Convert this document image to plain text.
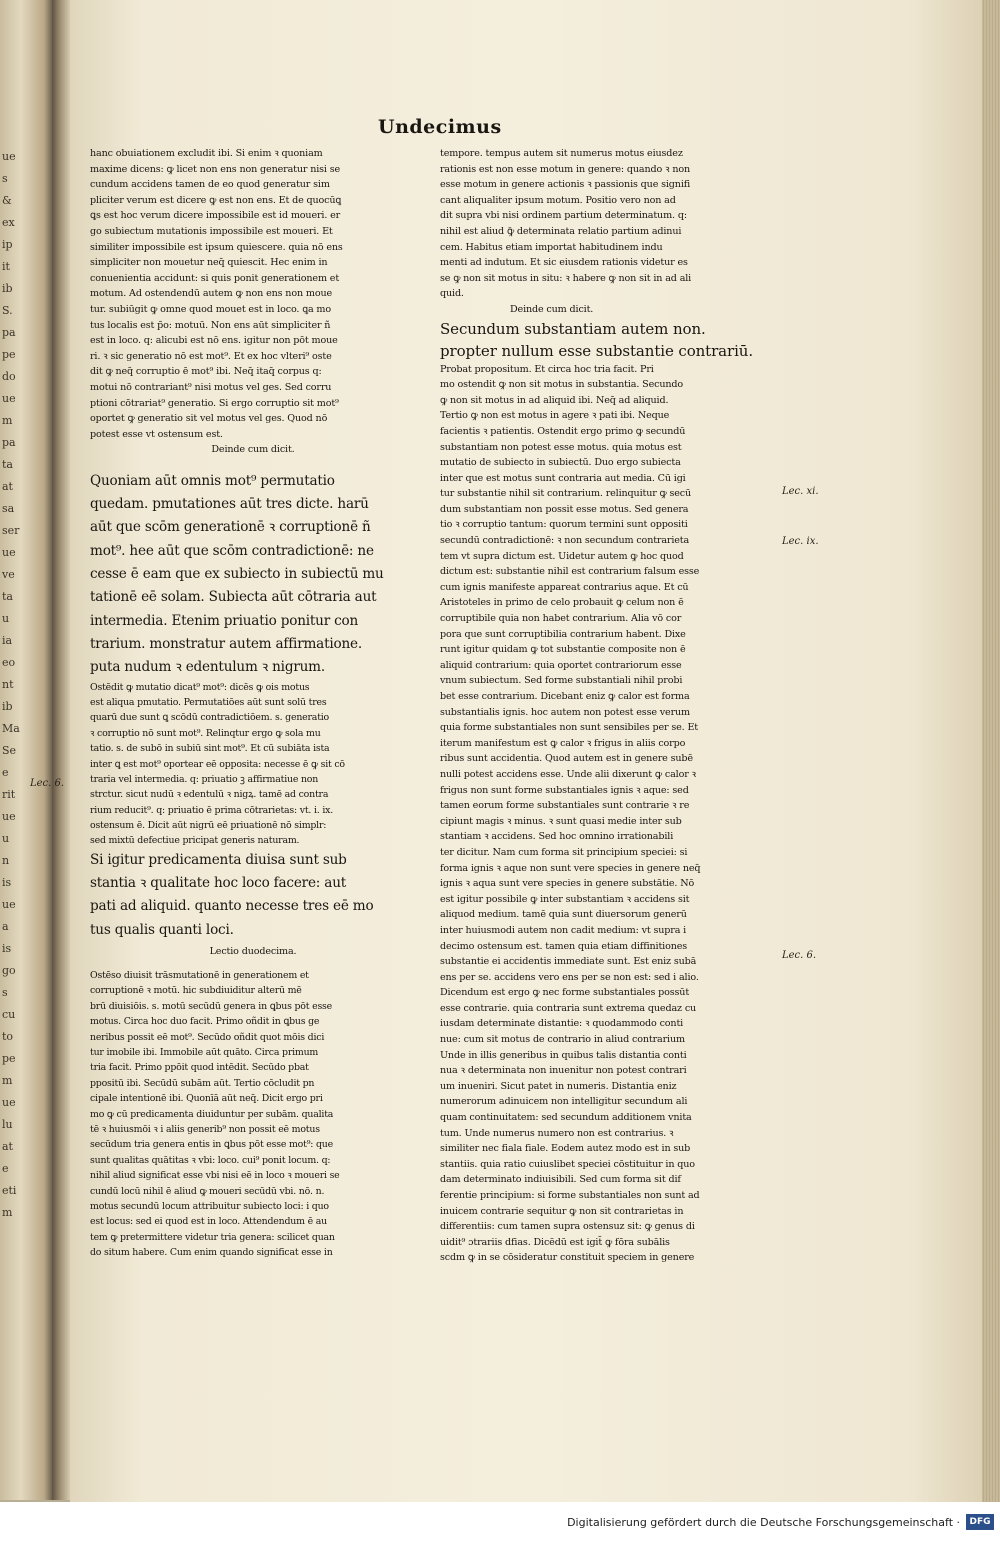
ue
s
&
ex
ip
it
ib
S.
pa
pe
do
ue
m
pa
ta
at
sa
ser
ue
ve
ta
u
ia
eo
nt
ib
Ma
Se
e
rit
ue
u
n
is
ue
a
is
go
s
cu
to
pe
m
ue
lu
at
e
eti
m
Undecimus
hanc obuiationem excludit ibi. Si enim ꝛ quoniam
maxime dicens: ꝙ licet non ens non generatur nisi se
cundum accidens tamen de eo quod generatur sim
pliciter verum est dicere ꝙ est non ens. Et de quocūꝗ
ꝗs est hoc verum dicere impossibile est id moueri. er
go subiectum mutationis impossibile est moueri. Et
similiter impossibile est ipsum quiescere. quia nō ens
simpliciter non mouetur neq̄ quiescit. Hec enim in
conuenientia accidunt: si quis ponit generationem et
motum. Ad ostendendū autem ꝙ non ens non moue
tur. subiūgit ꝙ omne quod mouet est in loco. ꝗa mo
tus localis est p̄o: motuū. Non ens aūt simpliciter ñ
est in loco. q: alicubi est nō ens. igitur non pōt moue
ri. ꝛ sic generatio nō est mot⁹. Et ex hoc vlteri⁹ oste
dit ꝙ neq̄ corruptio ē mot⁹ ibi. Neq̄ itaq̄ corpus q:
motui nō contrariant⁹ nisi motus vel ges. Sed corru
ptioni cōtrariat⁹ generatio. Si ergo corruptio sit mot⁹
oportet ꝙ generatio sit vel motus vel ges. Quod nō
potest esse vt ostensum est.
Deinde cum dicit.
Quoniam aūt omnis mot⁹ permutatio
quedam. pmutationes aūt tres dicte. harū
aūt que scōm generationē ꝛ corruptionē ñ
mot⁹. hee aūt que scōm contradictionē: ne
cesse ē eam que ex subiecto in subiectū mu
tationē eē solam. Subiecta aūt cōtraria aut
intermedia. Etenim priuatio ponitur con
trarium. monstratur autem affirmatione.
puta nudum ꝛ edentulum ꝛ nigrum.
Ostēdit ꝙ mutatio dicat⁹ mot⁹: dicēs ꝙ ois motus
est aliqua pmutatio. Permutatiōes aūt sunt solū tres
quarū due sunt ꝗ scōdū contradictiōem. s. generatio
ꝛ corruptio nō sunt mot⁹. Relinqtur ergo ꝙ sola mu
tatio. s. de subō in subiū sint mot⁹. Et cū subiāta ista
inter ꝗ est mot⁹ oportear eē opposita: necesse ē ꝙ sit cō
traria vel intermedia. q: priuatio ꝫ affirmatiue non
strctur. sicut nudū ꝛ edentulū ꝛ nigꝝ. tamē ad contra
rium reducit⁹. q: priuatio ē prima cōtrarietas: vt. i. ix.
ostensum ē. Dicit aūt nigrū eē priuationē nō simplr:
sed mixtū defectiue pricipat generis naturam.
Si igitur predicamenta diuisa sunt sub
stantia ꝛ qualitate hoc loco facere: aut
pati ad aliquid. quanto necesse tres eē mo
tus qualis quanti loci.
Lectio duodecima.
Ostēso diuisit trāsmutationē in generationem et
corruptionē ꝛ motū. hic subdiuiditur alterū mē
brū diuisiōis. s. motū secūdū genera in ꝗbus pōt esse
motus. Circa hoc duo facit. Primo oñdit in ꝗbus ge
neribus possit eē mot⁹. Secūdo oñdit quot mōis dici
tur imobile ibi. Immobile aūt quāto. Circa primum
tria facit. Primo ppōit quod intēdit. Secūdo pbat
ppositū ibi. Secūdū subām aūt. Tertio cōcludit pn
cipale intentionē ibi. Quonīā aūt neq̄. Dicit ergo pri
mo ꝙ cū predicamenta diuiduntur per subām. qualita
tē ꝛ huiusmōi ꝛ i aliis generib⁹ non possit eē motus
secūdum tria genera entis in ꝗbus pōt esse mot⁹: que
sunt qualitas quātitas ꝛ vbi: loco. cui⁹ ponit locum. q:
nihil aliud significat esse vbi nisi eē in loco ꝛ moueri se
cundū locū nihil ē aliud ꝙ moueri secūdū vbi. nō. n.
motus secundū locum attribuitur subiecto loci: i quo
est locus: sed ei quod est in loco. Attendendum ē au
tem ꝙ pretermittere videtur tria genera: scilicet quan
do situm habere. Cum enim quando significat esse in
tempore. tempus autem sit numerus motus eiusdez
rationis est non esse motum in genere: quando ꝛ non
esse motum in genere actionis ꝛ passionis que signifi
cant aliqualiter ipsum motum. Positio vero non ad
dit supra vbi nisi ordinem partium determinatum. q:
nihil est aliud ꝙ̄ determinata relatio partium adinui
cem. Habitus etiam importat habitudinem indu
menti ad indutum. Et sic eiusdem rationis videtur es
se ꝙ non sit motus in situ: ꝛ habere ꝙ non sit in ad ali
quid.
Deinde cum dicit.
Secundum substantiam autem non.
propter nullum esse substantie contrariū.
Probat propositum. Et circa hoc tria facit. Pri
mo ostendit ꝙ non sit motus in substantia. Secundo
ꝙ non sit motus in ad aliquid ibi. Neq̄ ad aliquid.
Tertio ꝙ non est motus in agere ꝛ pati ibi. Neque
facientis ꝛ patientis. Ostendit ergo primo ꝙ secundū
substantiam non potest esse motus. quia motus est
mutatio de subiecto in subiectū. Duo ergo subiecta
inter que est motus sunt contraria aut media. Cū igi
tur substantie nihil sit contrarium. relinquitur ꝙ secū
dum substantiam non possit esse motus. Sed genera
tio ꝛ corruptio tantum: quorum termini sunt oppositi
secundū contradictionē: ꝛ non secundum contrarieta
tem vt supra dictum est. Uidetur autem ꝙ hoc quod
dictum est: substantie nihil est contrarium falsum esse
cum ignis manifeste appareat contrarius aque. Et cū
Aristoteles in primo de celo probauit ꝙ celum non ē
corruptibile quia non habet contrarium. Alia vō cor
pora que sunt corruptibilia contrarium habent. Dixe
runt igitur quidam ꝙ tot substantie composite non ē
aliquid contrarium: quia oportet contrariorum esse
vnum subiectum. Sed forme substantiali nihil probi
bet esse contrarium. Dicebant eniz ꝙ calor est forma
substantialis ignis. hoc autem non potest esse verum
quia forme substantiales non sunt sensibiles per se. Et
iterum manifestum est ꝙ calor ꝛ frigus in aliis corpo
ribus sunt accidentia. Quod autem est in genere subē
nulli potest accidens esse. Unde alii dixerunt ꝙ calor ꝛ
frigus non sunt forme substantiales ignis ꝛ aque: sed
tamen eorum forme substantiales sunt contrarie ꝛ re
cipiunt magis ꝛ minus. ꝛ sunt quasi medie inter sub
stantiam ꝛ accidens. Sed hoc omnino irrationabili
ter dicitur. Nam cum forma sit principium speciei: si
forma ignis ꝛ aque non sunt vere species in genere neq̄
ignis ꝛ aqua sunt vere species in genere substātie. Nō
est igitur possibile ꝙ inter substantiam ꝛ accidens sit
aliquod medium. tamē quia sunt diuersorum generū
inter huiusmodi autem non cadit medium: vt supra i
decimo ostensum est. tamen quia etiam diffinitiones
substantie ei accidentis immediate sunt. Est eniz subā
ens per se. accidens vero ens per se non est: sed i alio.
Dicendum est ergo ꝙ nec forme substantiales possūt
esse contrarie. quia contraria sunt extrema quedaz cu
iusdam determinate distantie: ꝛ quodammodo conti
nue: cum sit motus de contrario in aliud contrarium
Unde in illis generibus in quibus talis distantia conti
nua ꝛ determinata non inuenitur non potest contrari
um inueniri. Sicut patet in numeris. Distantia eniz
numerorum adinuicem non intelligitur secundum ali
quam continuitatem: sed secundum additionem vnita
tum. Unde numerus numero non est contrarius. ꝛ
similiter nec fiala fiale. Eodem autez modo est in sub
stantiis. quia ratio cuiuslibet speciei cōstituitur in quo
dam determinato indiuisibili. Sed cum forma sit dif
ferentie principium: si forme substantiales non sunt ad
inuicem contrarie sequitur ꝙ non sit contrarietas in
differentiis: cum tamen supra ostensuz sit: ꝙ genus di
uidit⁹ ɔtrariis dfias. Dicēdū est igit̄ ꝙ fōra subālis
scdm ꝙ in se cōsideratur constituit speciem in genere
Lec. 6.
Lec. xi.
Lec. ix.
Lec. 6.
Digitalisierung gefördert durch die Deutsche Forschungsgemeinschaft ·	DFG
